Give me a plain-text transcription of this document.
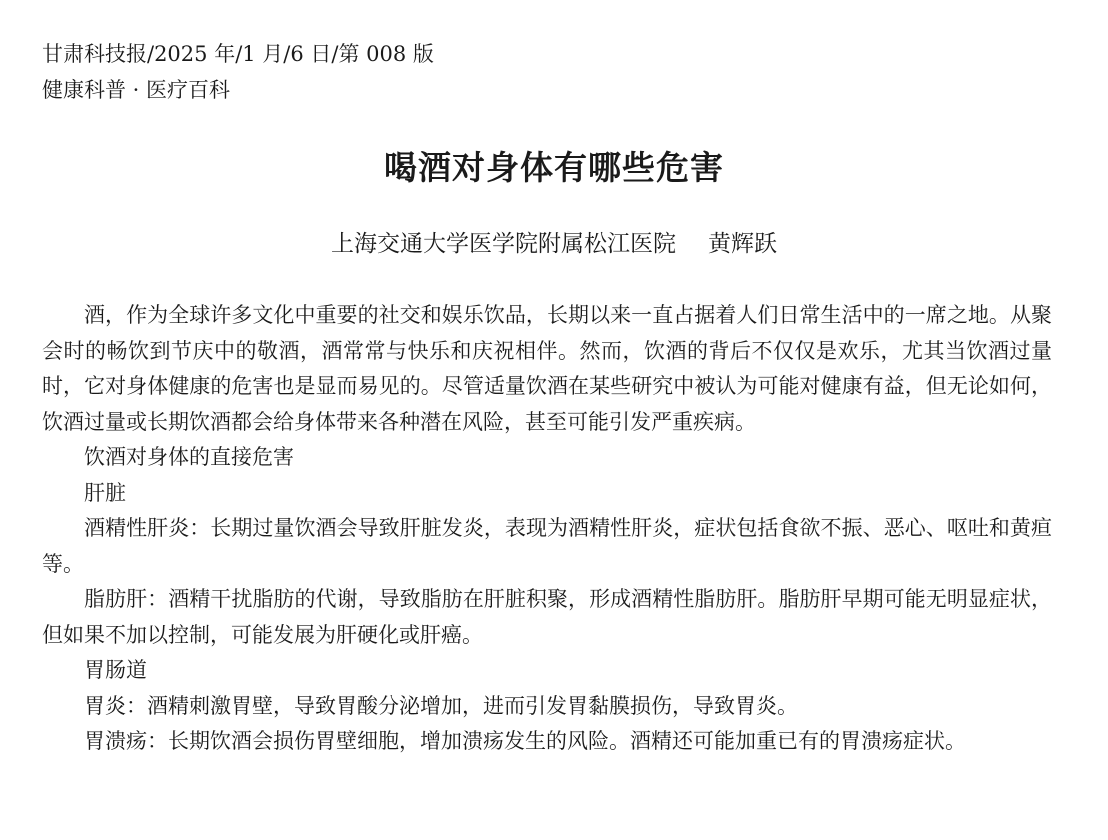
甘肃科技报/2025 年/1 月/6 日/第 008 版
健康科普 · 医疗百科
喝酒对身体有哪些危害
上海交通大学医学院附属松江医院 黄辉跃

酒，作为全球许多文化中重要的社交和娱乐饮品，长期以来一直占据着人们日常生活中的一席之地。从聚会时的畅饮到节庆中的敬酒，酒常常与快乐和庆祝相伴。然而，饮酒的背后不仅仅是欢乐，尤其当饮酒过量时，它对身体健康的危害也是显而易见的。尽管适量饮酒在某些研究中被认为可能对健康有益，但无论如何，饮酒过量或长期饮酒都会给身体带来各种潜在风险，甚至可能引发严重疾病。

饮酒对身体的直接危害

肝脏

酒精性肝炎：长期过量饮酒会导致肝脏发炎，表现为酒精性肝炎，症状包括食欲不振、恶心、呕吐和黄疸等。

脂肪肝：酒精干扰脂肪的代谢，导致脂肪在肝脏积聚，形成酒精性脂肪肝。脂肪肝早期可能无明显症状，但如果不加以控制，可能发展为肝硬化或肝癌。

胃肠道

胃炎：酒精刺激胃壁，导致胃酸分泌增加，进而引发胃黏膜损伤，导致胃炎。

胃溃疡：长期饮酒会损伤胃壁细胞，增加溃疡发生的风险。酒精还可能加重已有的胃溃疡症状。
